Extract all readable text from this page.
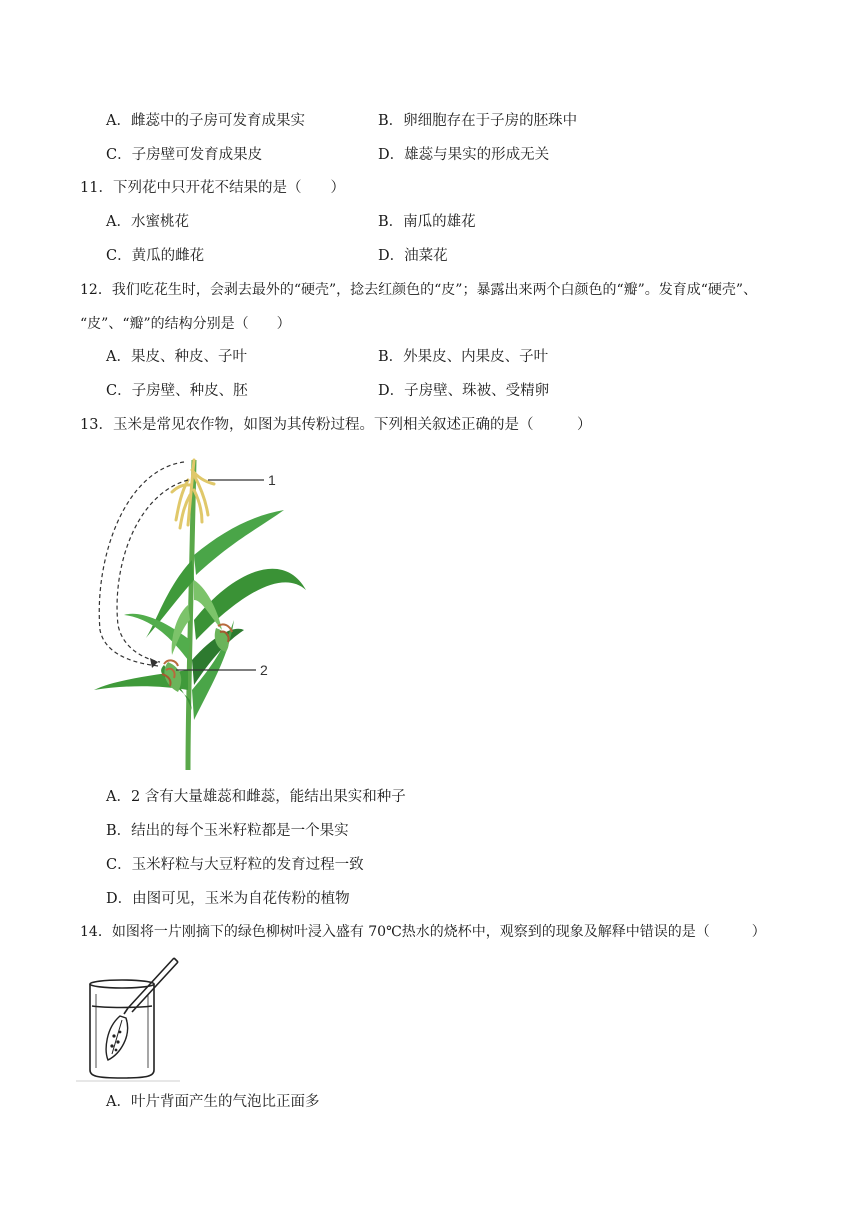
A．雌蕊中的子房可发育成果实	B．卵细胞存在于子房的胚珠中
C．子房壁可发育成果皮	D．雄蕊与果实的形成无关
11．下列花中只开花不结果的是（　　）
A．水蜜桃花	B．南瓜的雄花
C．黄瓜的雌花	D．油菜花
12．我们吃花生时，会剥去最外的“硬壳”，捻去红颜色的“皮”；暴露出来两个白颜色的“瓣”。发育成“硬壳”、
“皮”、“瓣”的结构分别是（　　）
A．果皮、种皮、子叶	B．外果皮、内果皮、子叶
C．子房壁、种皮、胚	D．子房壁、珠被、受精卵
13．玉米是常见农作物，如图为其传粉过程。下列相关叙述正确的是（　　　）
1
2
A．2 含有大量雄蕊和雌蕊，能结出果实和种子
B．结出的每个玉米籽粒都是一个果实
C．玉米籽粒与大豆籽粒的发育过程一致
D．由图可见，玉米为自花传粉的植物
14．如图将一片刚摘下的绿色柳树叶浸入盛有 70℃热水的烧杯中，观察到的现象及解释中错误的是（　　　）
A．叶片背面产生的气泡比正面多
